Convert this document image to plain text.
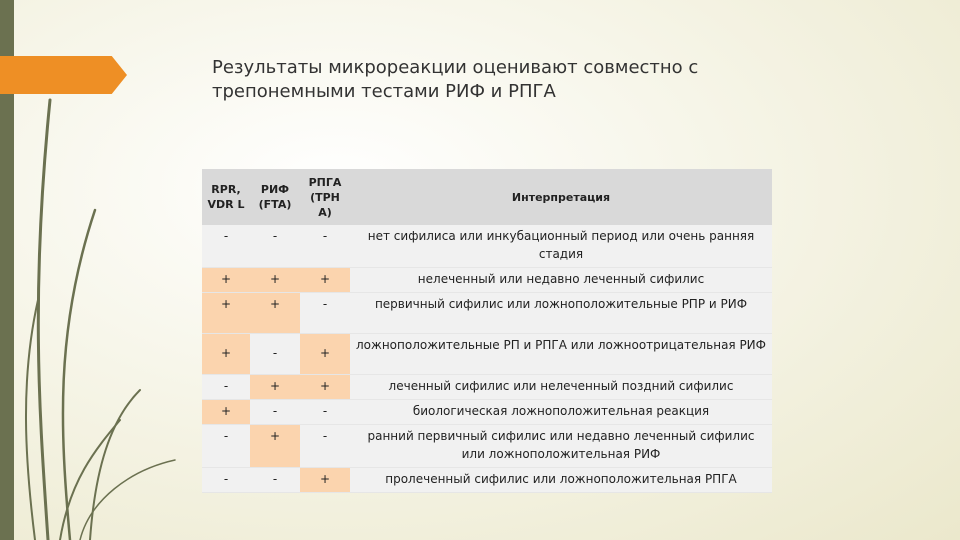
Результаты микрореакции оценивают совместно с трепонемными тестами РИФ и РПГА
RPR, VDR L	РИФ (FTA)	РПГА (ТРН А)	Интерпретация
-	-	-	нет сифилиса или инкубационный период или очень ранняя стадия
+	+	+	нелеченный или недавно леченный сифилис
+	+	-	первичный сифилис или ложноположительные РПР и РИФ
+	-	+	ложноположительные РП и РПГА или ложноотрицательная РИФ
-	+	+	леченный сифилис или нелеченный поздний сифилис
+	-	-	биологическая ложноположительная реакция
-	+	-	ранний первичный сифилис или недавно леченный сифилис или ложноположительная РИФ
-	-	+	пролеченный сифилис или ложноположительная РПГА
